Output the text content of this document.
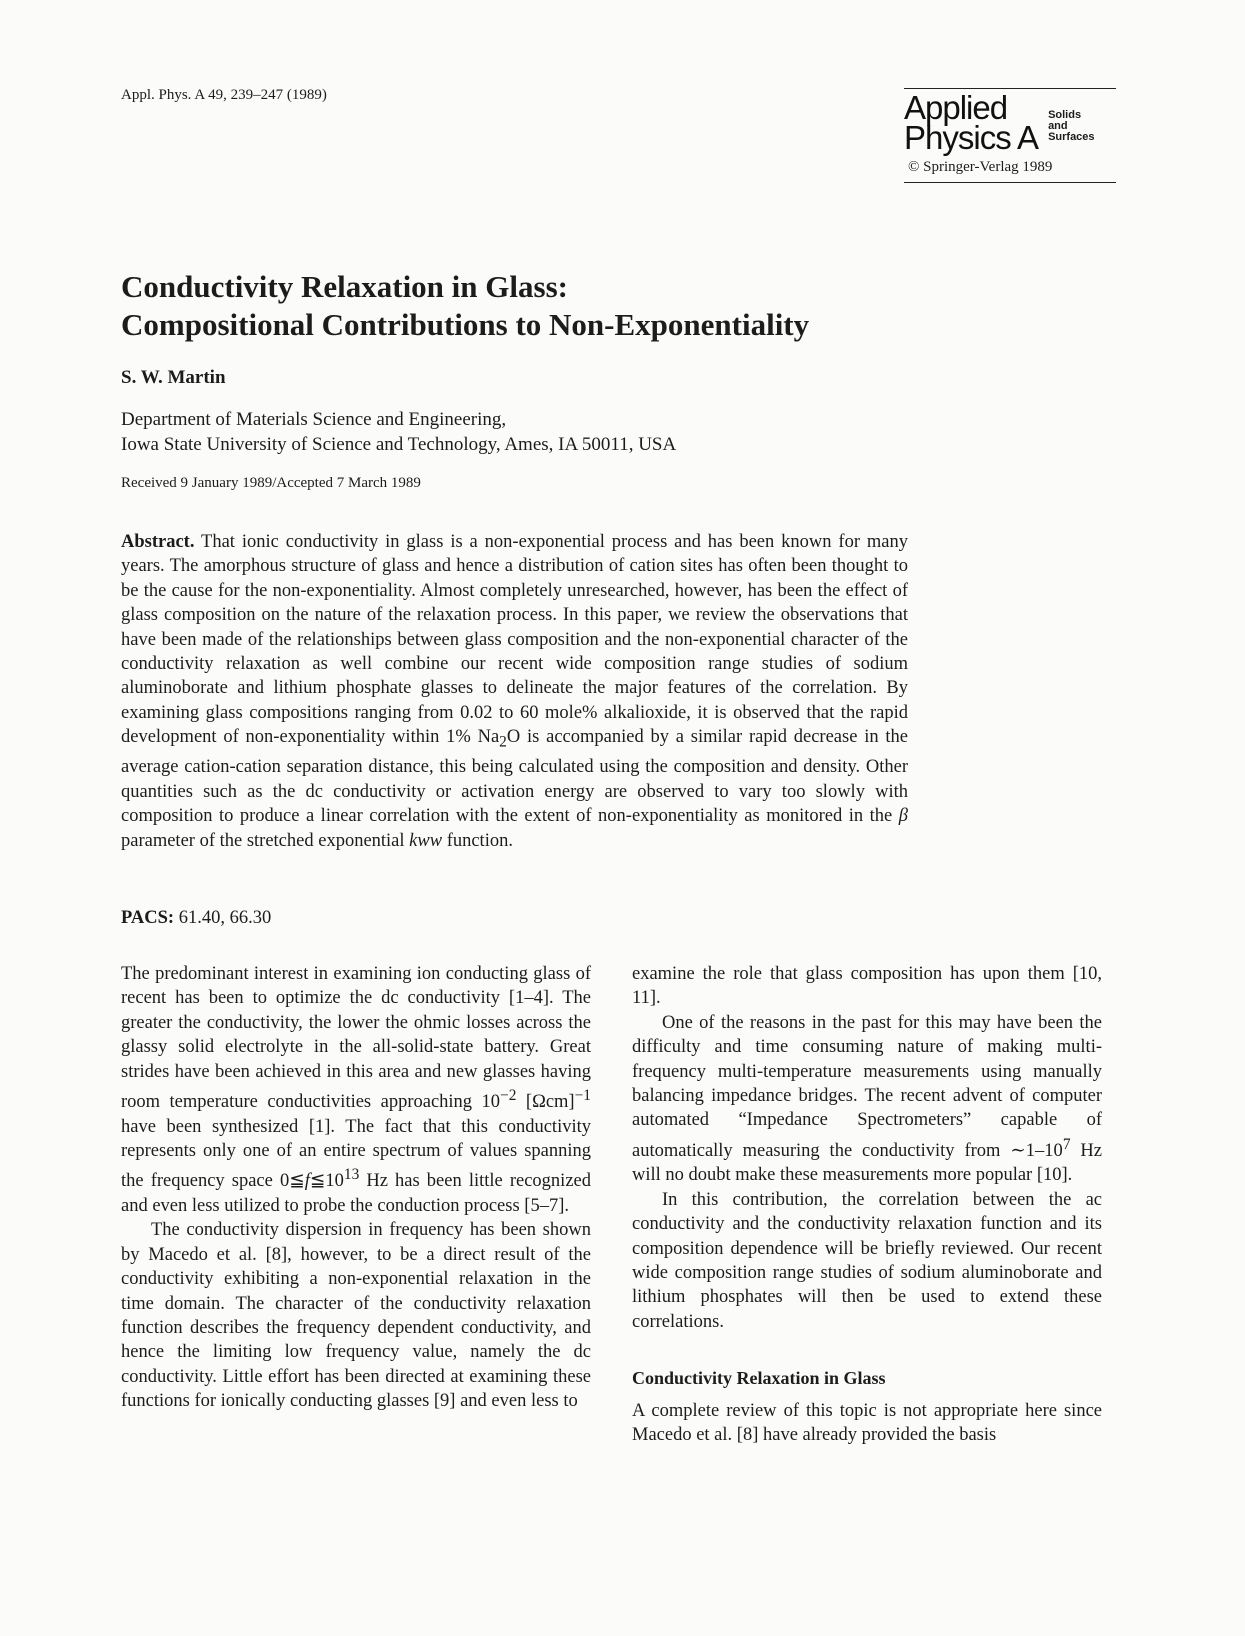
Appl. Phys. A 49, 239–247 (1989)	Applied
Physics A
Solids
and
Surfaces
© Springer-Verlag 1989
Conductivity Relaxation in Glass:
Compositional Contributions to Non-Exponentiality
S. W. Martin
Department of Materials Science and Engineering,
Iowa State University of Science and Technology, Ames, IA 50011, USA
Received 9 January 1989/Accepted 7 March 1989
Abstract. That ionic conductivity in glass is a non-exponential process and has been known for many years. The amorphous structure of glass and hence a distribution of cation sites has often been thought to be the cause for the non-exponentiality. Almost completely unresearched, however, has been the effect of glass composition on the nature of the relaxation process. In this paper, we review the observations that have been made of the relationships between glass composition and the non-exponential character of the conductivity relaxation as well combine our recent wide composition range studies of sodium aluminoborate and lithium phosphate glasses to delineate the major features of the correlation. By examining glass compositions ranging from 0.02 to 60 mole% alkalioxide, it is observed that the rapid development of non-exponentiality within 1% $Na_2O$ is accompanied by a similar rapid decrease in the average cation-cation separation distance, this being calculated using the composition and density. Other quantities such as the dc conductivity or activation energy are observed to vary too slowly with composition to produce a linear correlation with the extent of non-exponentiality as monitored in the β parameter of the stretched exponential kww function.
PACS: 61.40, 66.30

The predominant interest in examining ion conducting glass of recent has been to optimize the dc conductivity [1–4]. The greater the conductivity, the lower the ohmic losses across the glassy solid electrolyte in the all-solid-state battery. Great strides have been achieved in this area and new glasses having room temperature conductivities approaching $10^{-2}$ $[\Omega cm]^{-1}$ have been synthesized [1]. The fact that this conductivity represents only one of an entire spectrum of values spanning the frequency space $0≦f≦10^{13}$ Hz has been little recognized and even less utilized to probe the conduction process [5–7].

The conductivity dispersion in frequency has been shown by Macedo et al. [8], however, to be a direct result of the conductivity exhibiting a non-exponential relaxation in the time domain. The character of the conductivity relaxation function describes the frequency dependent conductivity, and hence the limiting low frequency value, namely the dc conductivity. Little effort has been directed at examining these functions for ionically conducting glasses [9] and even less to

examine the role that glass composition has upon them [10, 11].

One of the reasons in the past for this may have been the difficulty and time consuming nature of making multi-frequency multi-temperature measurements using manually balancing impedance bridges. The recent advent of computer automated “Impedance Spectrometers” capable of automatically measuring the conductivity from $\sim 1-10^7$ Hz will no doubt make these measurements more popular [10].

In this contribution, the correlation between the ac conductivity and the conductivity relaxation function and its composition dependence will be briefly reviewed. Our recent wide composition range studies of sodium aluminoborate and lithium phosphates will then be used to extend these correlations.

Conductivity Relaxation in Glass

A complete review of this topic is not appropriate here since Macedo et al. [8] have already provided the basis
